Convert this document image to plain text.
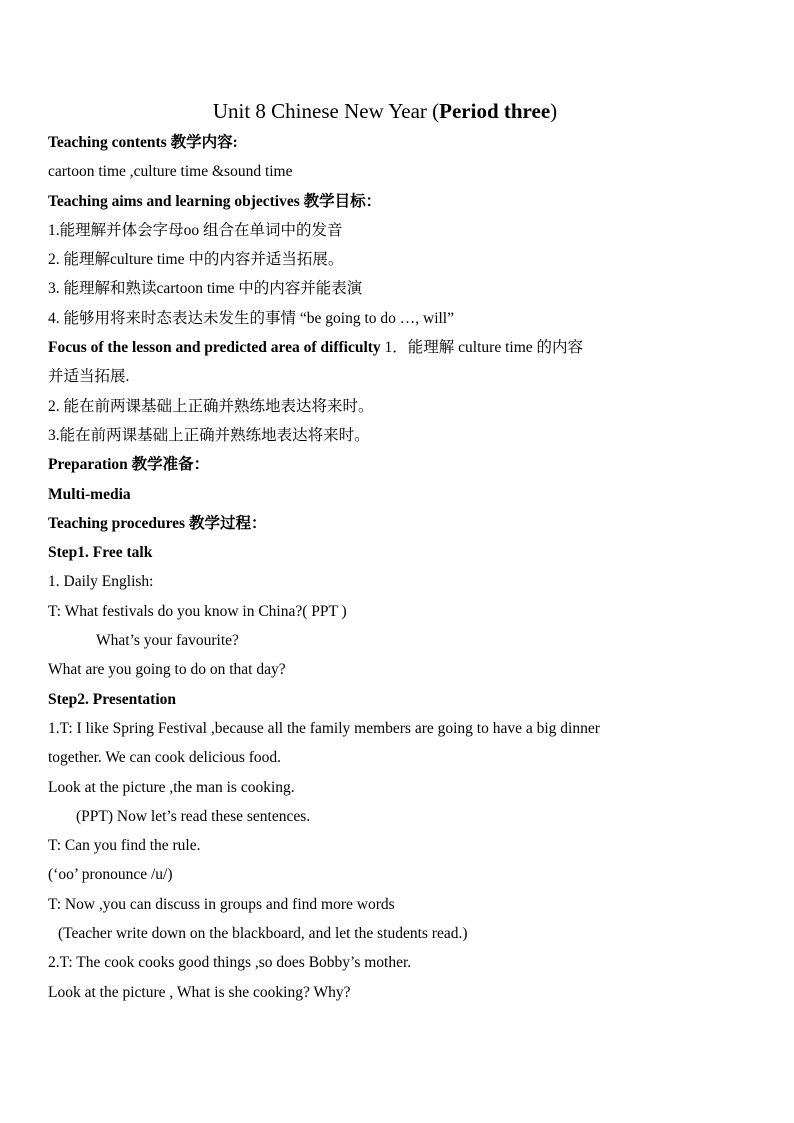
Unit 8 Chinese New Year (Period three)
Teaching contents 教学内容:
cartoon time ,culture time &sound time
Teaching aims and learning objectives 教学目标：
1.能理解并体会字母oo 组合在单词中的发音
2. 能理解culture time 中的内容并适当拓展。
3. 能理解和熟读cartoon time 中的内容并能表演
4. 能够用将来时态表达未发生的事情 “be going to do …, will”
Focus of the lesson and predicted area of difficulty 1．能理解 culture time 的内容
并适当拓展.
2. 能在前两课基础上正确并熟练地表达将来时。
3.能在前两课基础上正确并熟练地表达将来时。
Preparation 教学准备：
Multi-media
Teaching procedures 教学过程：
Step1. Free talk
1. Daily English:
T: What festivals do you know in China?( PPT )
What’s your favourite?
What are you going to do on that day?
Step2. Presentation
1.T: I like Spring Festival ,because all the family members are going to have a big dinner
together. We can cook delicious food.
Look at the picture ,the man is cooking.
(PPT) Now let’s read these sentences.
T: Can you find the rule.
(‘oo’ pronounce /u/)
T: Now ,you can discuss in groups and find more words
(Teacher write down on the blackboard, and let the students read.)
2.T: The cook cooks good things ,so does Bobby’s mother.
Look at the picture , What is she cooking? Why?
